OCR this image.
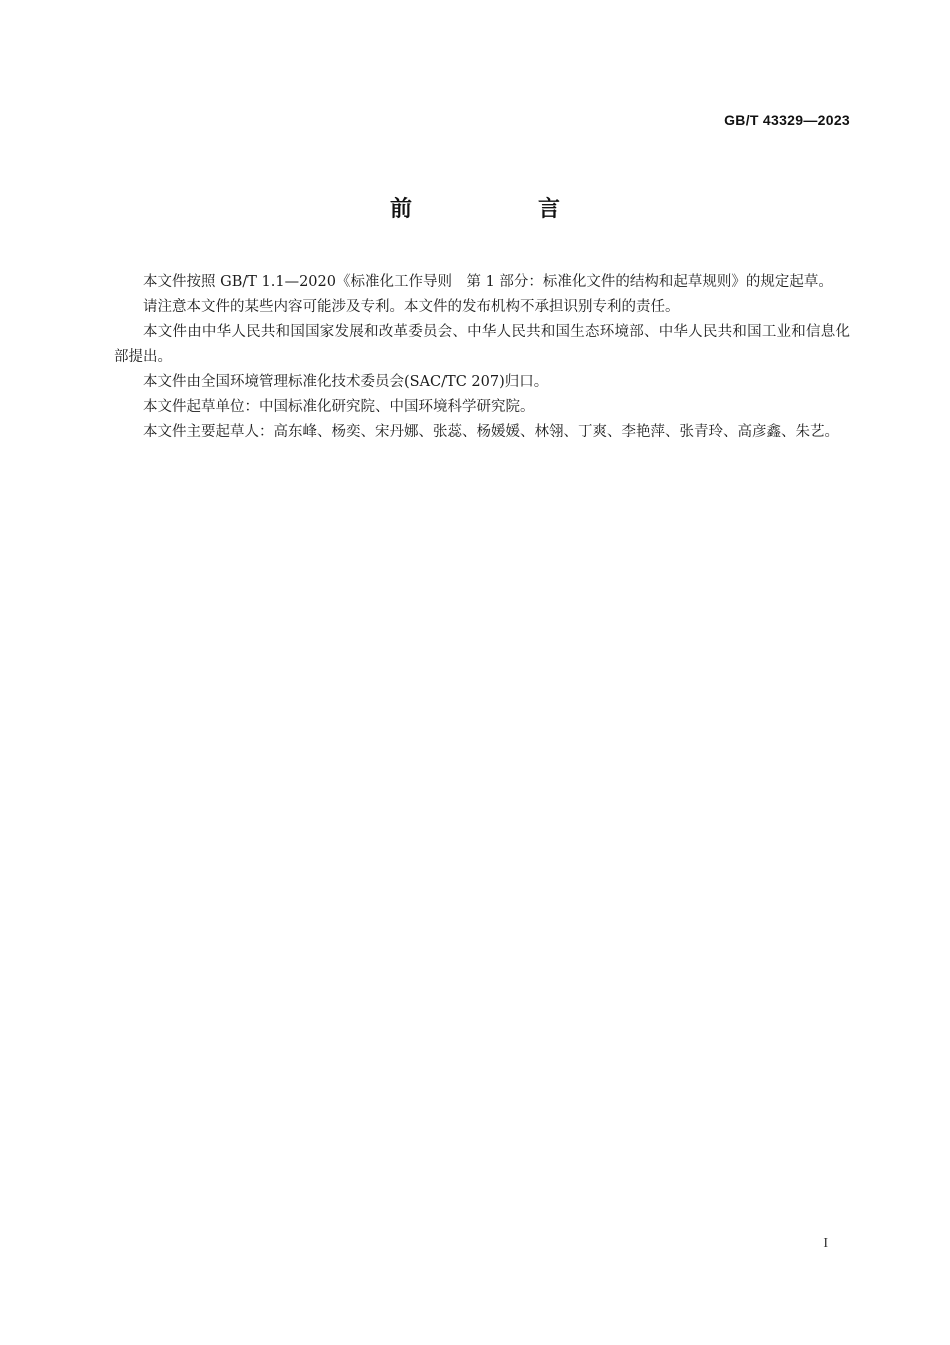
GB/T 43329—2023
前　言

本文件按照 GB/T 1.1—2020《标准化工作导则　第 1 部分：标准化文件的结构和起草规则》的规定起草。

请注意本文件的某些内容可能涉及专利。本文件的发布机构不承担识别专利的责任。

本文件由中华人民共和国国家发展和改革委员会、中华人民共和国生态环境部、中华人民共和国工业和信息化部提出。

本文件由全国环境管理标准化技术委员会(SAC/TC 207)归口。

本文件起草单位：中国标准化研究院、中国环境科学研究院。

本文件主要起草人：高东峰、杨奕、宋丹娜、张蕊、杨媛媛、林翎、丁爽、李艳萍、张青玲、高彦鑫、朱艺。

I
